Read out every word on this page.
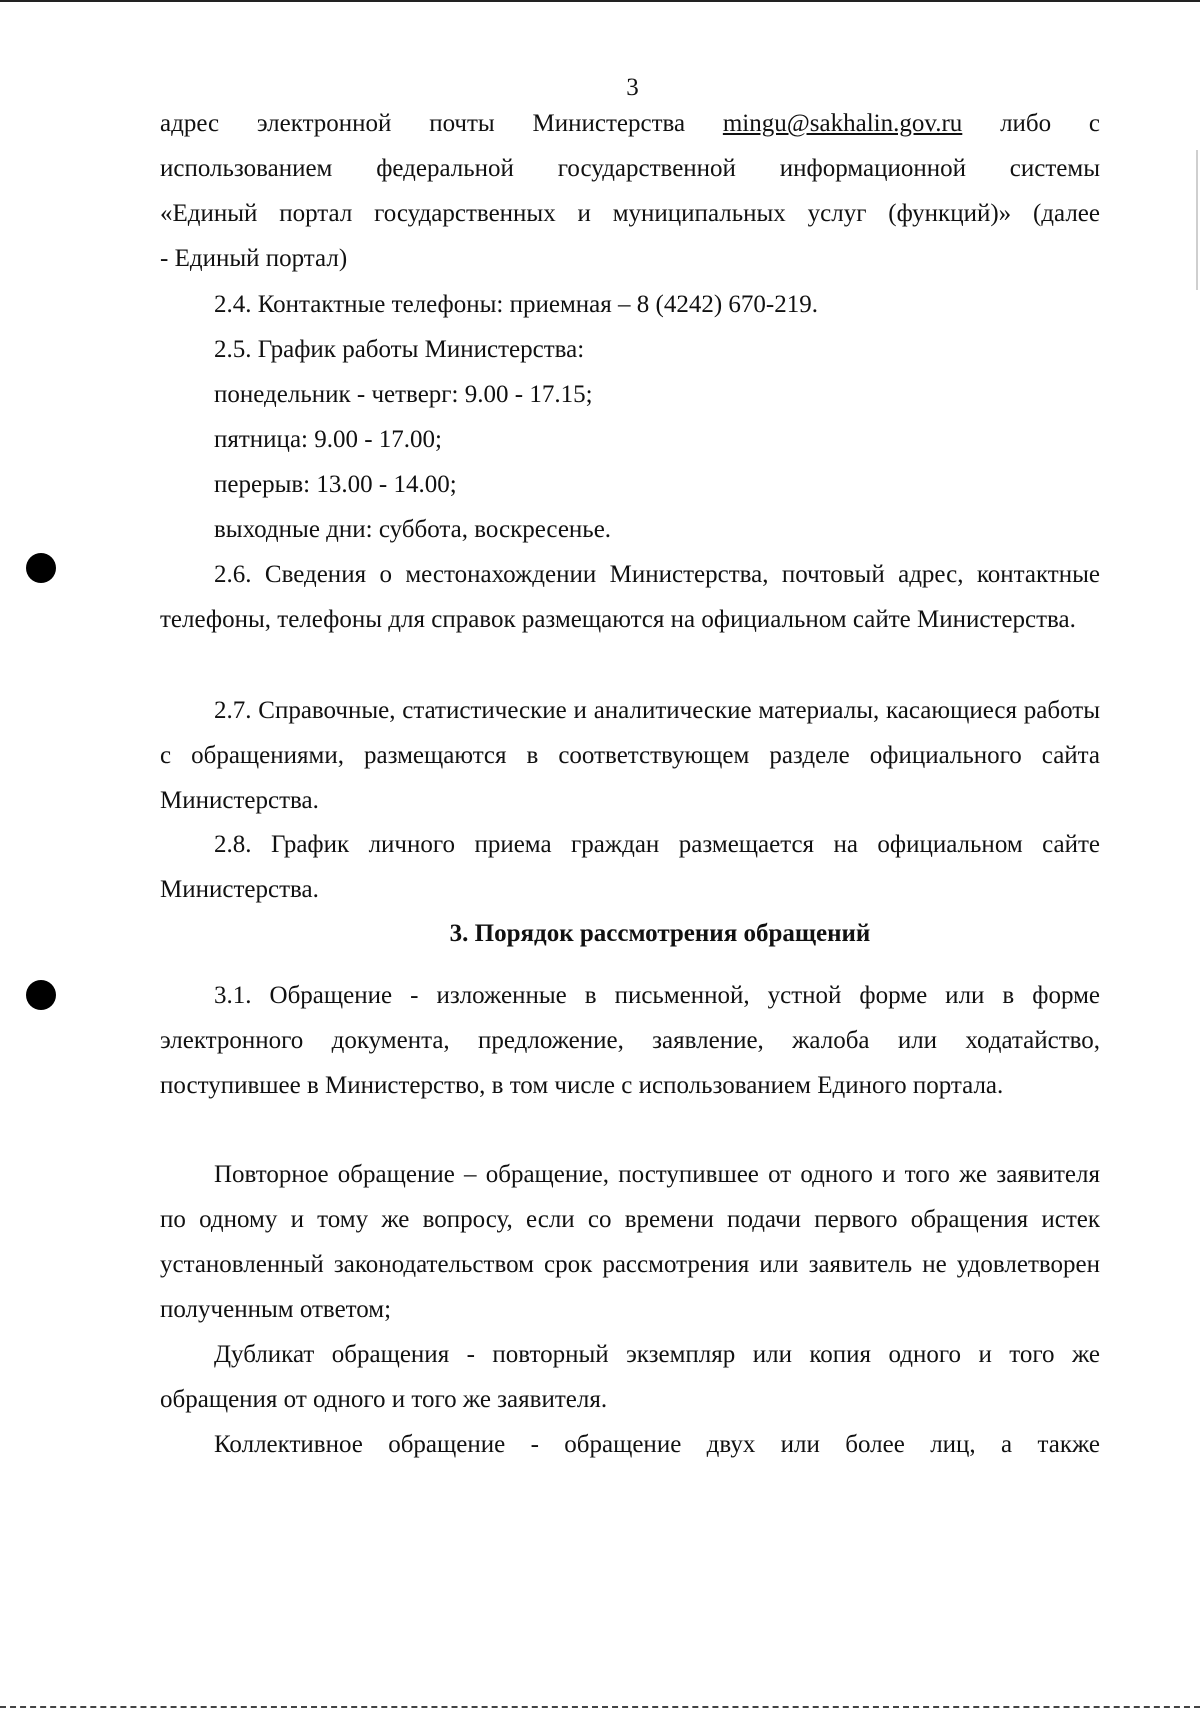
3
адрес электронной почты Министерства mingu@sakhalin.gov.ru либо с
использованием федеральной государственной информационной системы
«Единый портал государственных и муниципальных услуг (функций)» (далее
- Единый портал)
2.4. Контактные телефоны: приемная – 8 (4242) 670-219.
2.5. График работы Министерства:
понедельник - четверг: 9.00 - 17.15;
пятница: 9.00 - 17.00;
перерыв: 13.00 - 14.00;
выходные дни: суббота, воскресенье.

2.6. Сведения о местонахождении Министерства, почтовый адрес, контактные телефоны, телефоны для справок размещаются на официальном сайте Министерства.

2.7. Справочные, статистические и аналитические материалы, касающиеся работы с обращениями, размещаются в соответствующем разделе официального сайта Министерства.

2.8. График личного приема граждан размещается на официальном сайте Министерства.

3. Порядок рассмотрения обращений

3.1. Обращение - изложенные в письменной, устной форме или в форме электронного документа, предложение, заявление, жалоба или ходатайство, поступившее в Министерство, в том числе с использованием Единого портала.

Повторное обращение – обращение, поступившее от одного и того же заявителя по одному и тому же вопросу, если со времени подачи первого обращения истек установленный законодательством срок рассмотрения или заявитель не удовлетворен полученным ответом;

Дубликат обращения - повторный экземпляр или копия одного и того же обращения от одного и того же заявителя.

Коллективное обращение - обращение двух или более лиц, а также
